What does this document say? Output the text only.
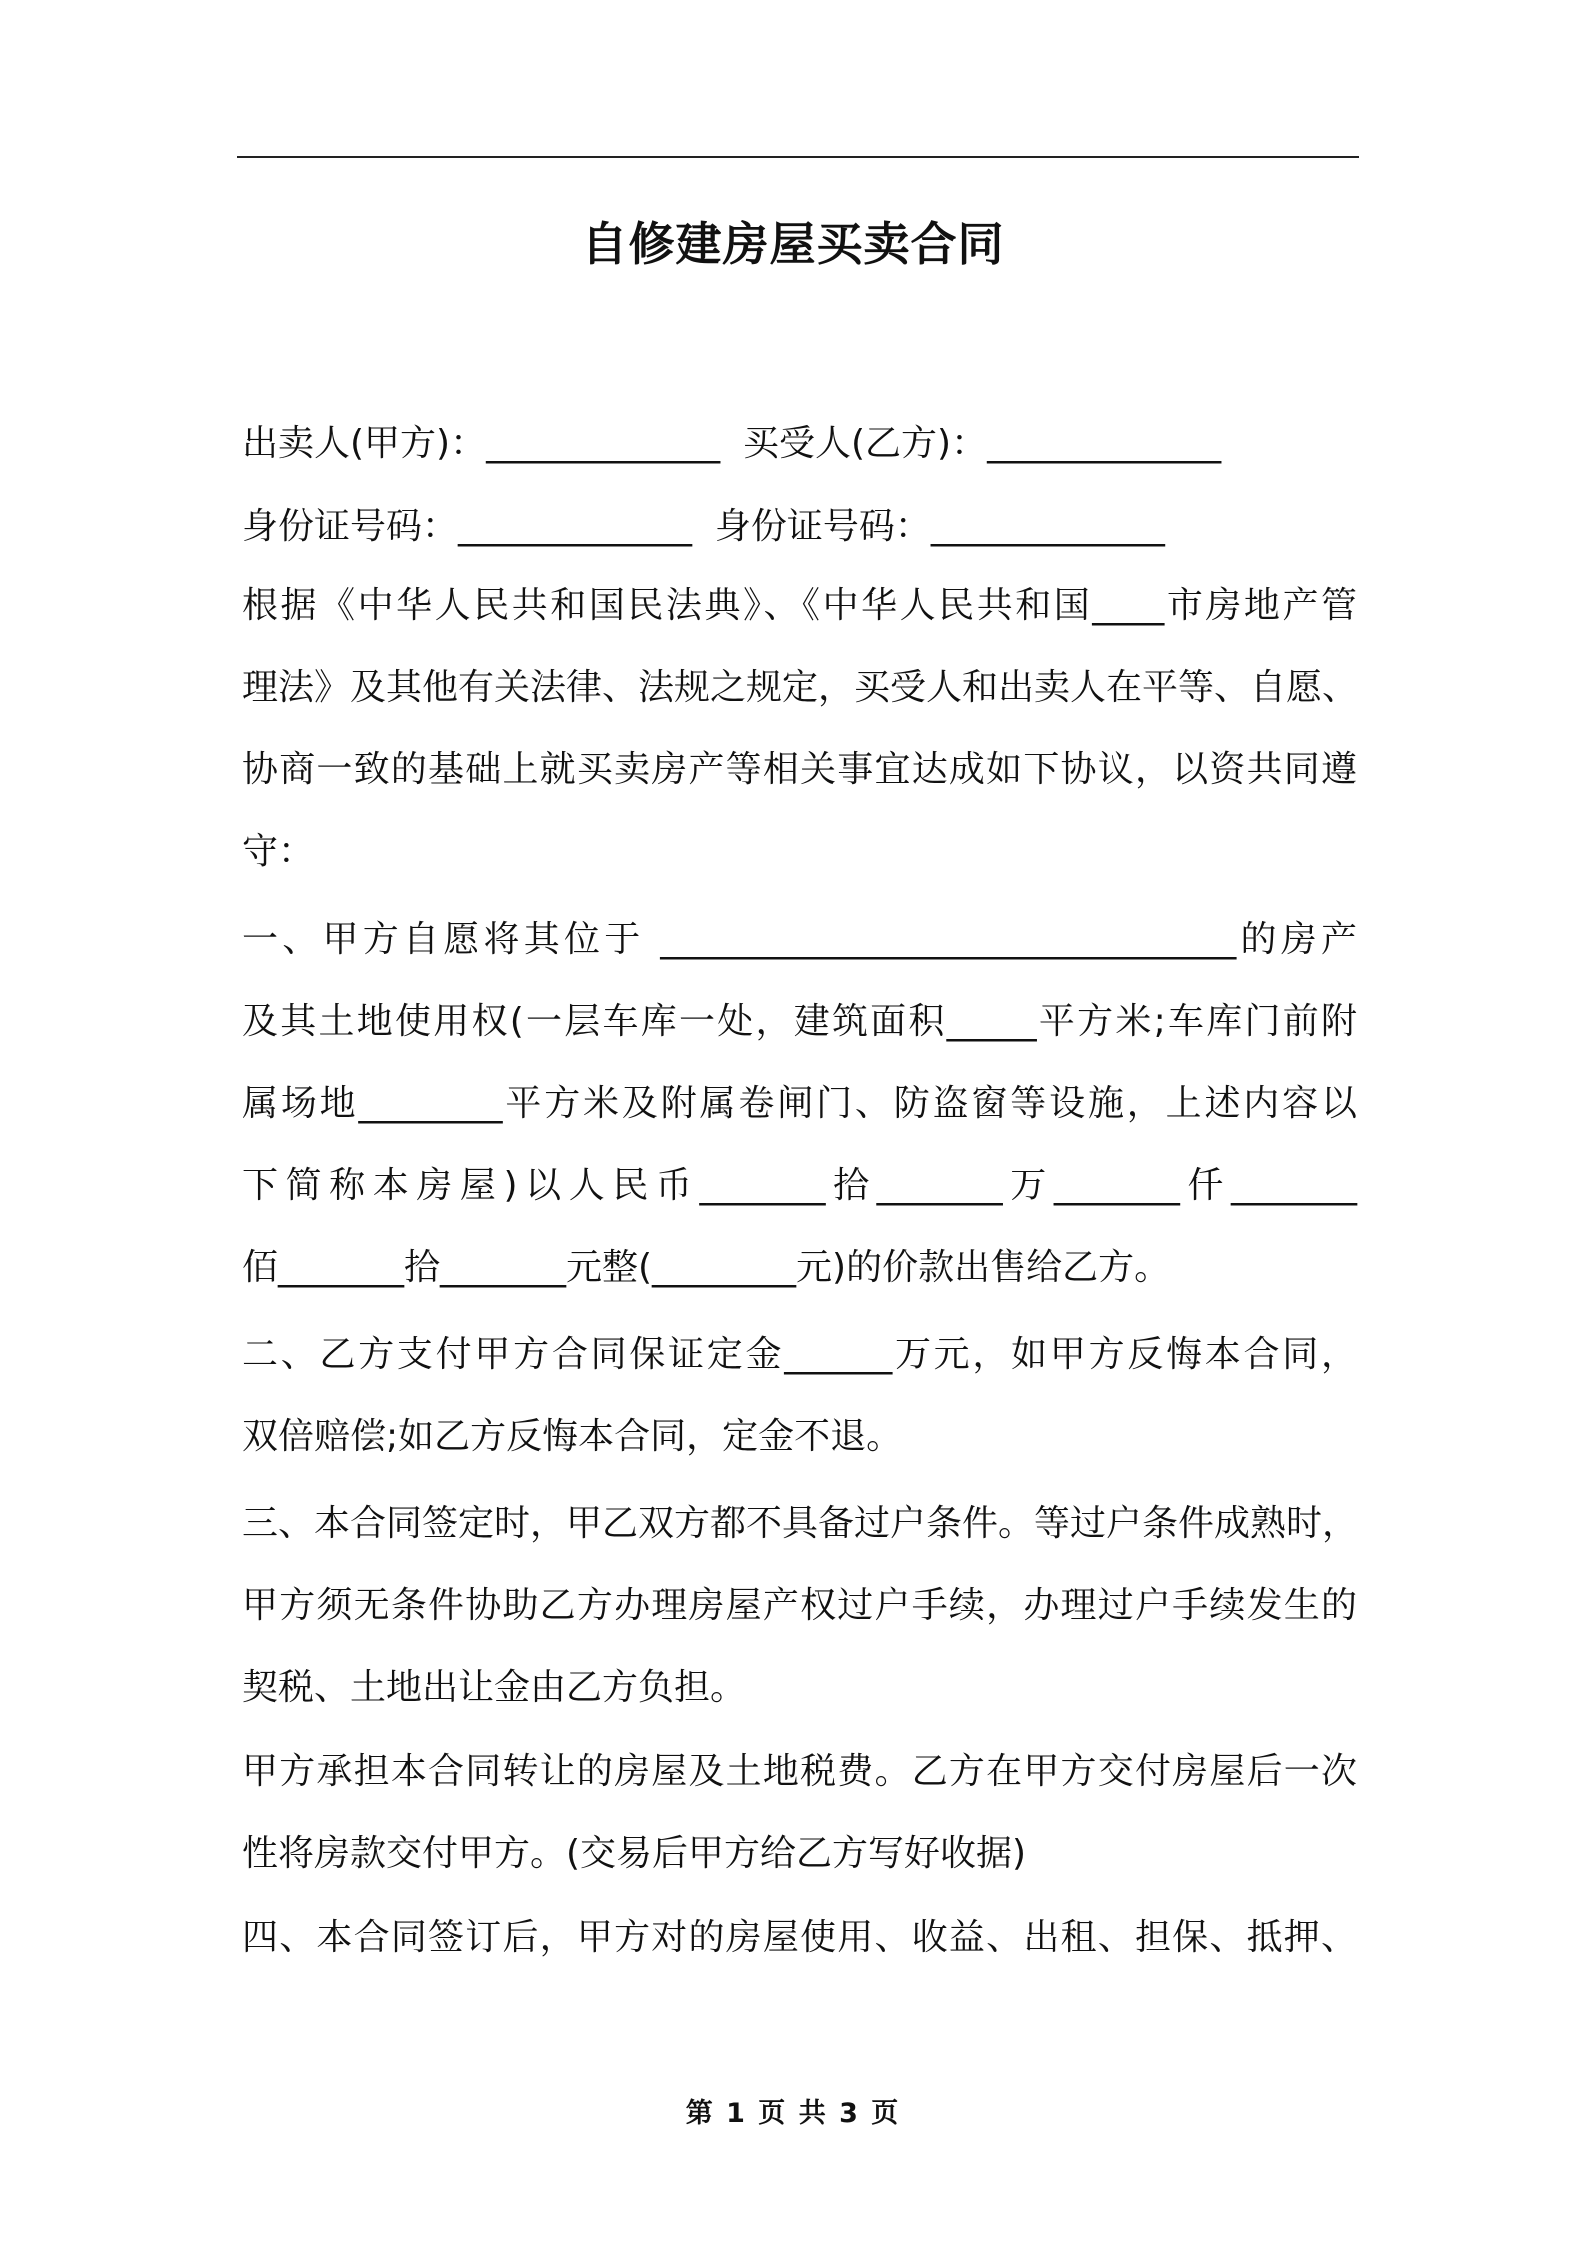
自修建房屋买卖合同
出卖人(甲方)：_____________  买受人(乙方)：_____________
身份证号码：_____________  身份证号码：_____________
根据《中华人民共和国民法典》、《中华人民共和国____市房地产管
理法》及其他有关法律、法规之规定，买受人和出卖人在平等、自愿、
协商一致的基础上就买卖房产等相关事宜达成如下协议，以资共同遵
守：
一、甲方自愿将其位于 ________________________________的房产
及其土地使用权(一层车库一处，建筑面积_____平方米;车库门前附
属场地________平方米及附属卷闸门、防盗窗等设施，上述内容以
下简称本房屋)以人民币_______拾_______万_______仟_______
佰_______拾_______元整(________元)的价款出售给乙方。
二、乙方支付甲方合同保证定金______万元，如甲方反悔本合同，
双倍赔偿;如乙方反悔本合同，定金不退。
三、本合同签定时，甲乙双方都不具备过户条件。等过户条件成熟时，
甲方须无条件协助乙方办理房屋产权过户手续，办理过户手续发生的
契税、土地出让金由乙方负担。
甲方承担本合同转让的房屋及土地税费。乙方在甲方交付房屋后一次
性将房款交付甲方。(交易后甲方给乙方写好收据)
四、本合同签订后，甲方对的房屋使用、收益、出租、担保、抵押、
第 1 页 共 3 页
